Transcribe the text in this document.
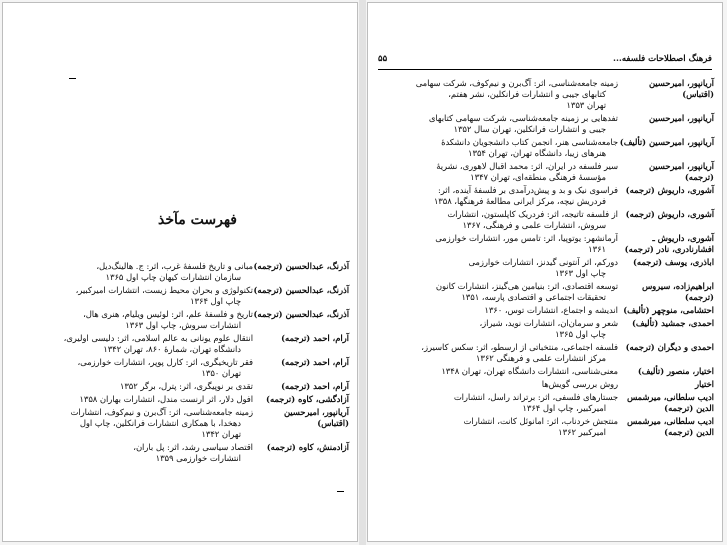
فهرست مآخذ
آذرنگ، عبدالحسین (ترجمه)
مبانی و تاریخ فلسفهٔ غرب، اثر: ج. هالینگ‌دیل،
سازمان انتشارات کیهان چاپ اول ۱۳۶۵
آذرنگ، عبدالحسین (ترجمه)
تکنولوژی و بحران محیط زیست، انتشارات امیرکبیر،
چاپ اول ۱۳۶۴
آذرنگ، عبدالحسین (ترجمه)
تاریخ و فلسفهٔ علم، اثر: لوئیس ویلیام، هنری هال،
انتشارات سروش، چاپ اول ۱۳۶۳
آرام، احمد (ترجمه)
انتقال علوم یونانی به عالم اسلامی، اثر: دلیسی اولیری،
دانشگاه تهران، شمارهٔ ۸۶۰، تهران ۱۳۴۲
آرام، احمد (ترجمه)
فقر تاریخیگری، اثر: کارل پوپر، انتشارات خوارزمی،
تهران ۱۳۵۰
آرام، احمد (ترجمه)
تقدی بر نوپیگری، اثر: پترل، برگر ۱۳۵۲
آزادگشی، کاوه (ترجمه)
افول دلار، اثر ارنست مندل، انتشارات بهاران ۱۳۵۸
آریانپور، امیرحسین (اقتباس)
زمینه جامعه‌شناسی، اثر: آگ‌برن و نیم‌کوف، انتشارات
دهخدا، با همکاری انتشارات فرانکلین، چاپ اول
تهران ۱۳۴۲
آزادمنش، کاوه (ترجمه)
اقتصاد سیاسی رشد، اثر: پل باران،
انتشارات خوارزمی ۱۳۵۹
فرهنگ اصطلاحات فلسفه...
۵۵
آریانپور، امیرحسین (اقتباس)
زمینه جامعه‌شناسی، اثر: آگ‌برن و نیم‌کوف، شرکت سهامی
کتابهای جیبی و انتشارات فرانکلین، نشر هفتم،
تهران ۱۳۵۳
آریانپور، امیرحسین
تفدهایی بر زمینه جامعه‌شناسی، شرکت سهامی کتابهای
جیبی و انتشارات فرانکلین، تهران سال ۱۳۵۲
آریانپور، امیرحسین (تألیف)
جامعه‌شناسی هنر، انجمن کتاب دانشجویان دانشکدهٔ
هنرهای زیبا، دانشگاه تهران، تهران ۱۳۵۴
آریانپور، امیرحسین (ترجمه)
سیر فلسفه در ایران، اثر: محمد اقبال لاهوری، نشریهٔ
مؤسسهٔ فرهنگی منطقه‌ای، تهران ۱۳۴۷
آشوری، داریوش (ترجمه)
فراسوی نیک و بد و پیش‌درآمدی بر فلسفهٔ آینده، اثر:
فردریش نیچه، مرکز ایرانی مطالعهٔ فرهنگها، ۱۳۵۸
آشوری، داریوش (ترجمه)
از فلسفه تاتیجه، اثر: فردریک کاپلستون، انتشارات
سروش، انتشارات علمی و فرهنگی، ۱۳۶۷
آشوری، داریوش ـ افشارنادری، نادر (ترجمه)
آرمانشهر: یوتوپیا، اثر: تامس مور، انتشارات خوارزمی
۱۳۶۱
اباذری، یوسف (ترجمه)
دورکم، اثر آنتونی گیدنز، انتشارات خوارزمی
چاپ اول ۱۳۶۳
ابراهیم‌زاده، سیروس (ترجمه)
توسعه اقتصادی، اثر: بنیامین هی‌گینز، انتشارات کانون
تحقیقات اجتماعی و اقتصادی پارسه، ۱۳۵۱
احتشامی، منوچهر (تألیف)
اندیشه و اجتماع، انتشارات توس، ۱۳۶۰
احمدی، جمشید (تألیف)
شعر و سرمان‌ان، انتشارات نوید، شیراز،
چاپ اول ۱۳۶۵
احمدی و دیگران (ترجمه)
فلسفه اجتماعی، منتخباتی از ارسطو، اثر: سکس کاسیرز،
مرکز انتشارات علمی و فرهنگی ۱۳۶۲
اختیار، منصور (تألیف)
معنی‌شناسی، انتشارات دانشگاه تهران، تهران ۱۳۴۸
اختیار
روش بررسی گویش‌ها
ادیب سلطانی، میرشمس الدین (ترجمه)
جستارهای فلسفی، اثر: برتراند راسل، انتشارات
امیرکبیر، چاپ اول ۱۳۶۴
ادیب سلطانی، میرشمس الدین (ترجمه)
منتجش خردناب، اثر: امانوئل کانت، انتشارات
امیرکبیر ۱۳۶۲
